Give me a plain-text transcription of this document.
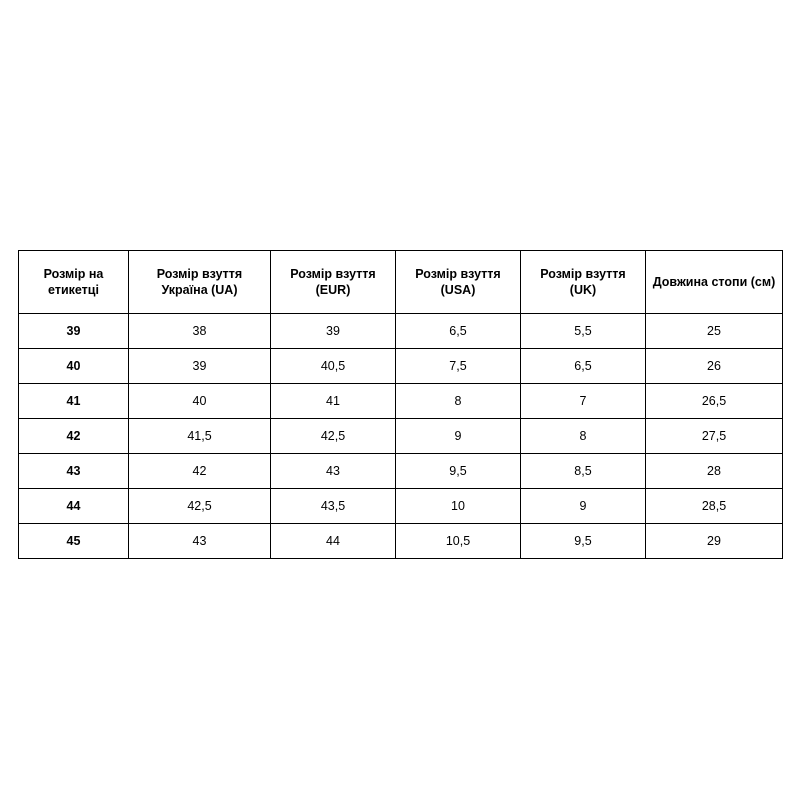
Розмір на етикетці	Розмір взуття Україна (UA)	Розмір взуття (EUR)	Розмір взуття (USA)	Розмір взуття (UK)	Довжина стопи (см)
39	38	39	6,5	5,5	25
40	39	40,5	7,5	6,5	26
41	40	41	8	7	26,5
42	41,5	42,5	9	8	27,5
43	42	43	9,5	8,5	28
44	42,5	43,5	10	9	28,5
45	43	44	10,5	9,5	29
